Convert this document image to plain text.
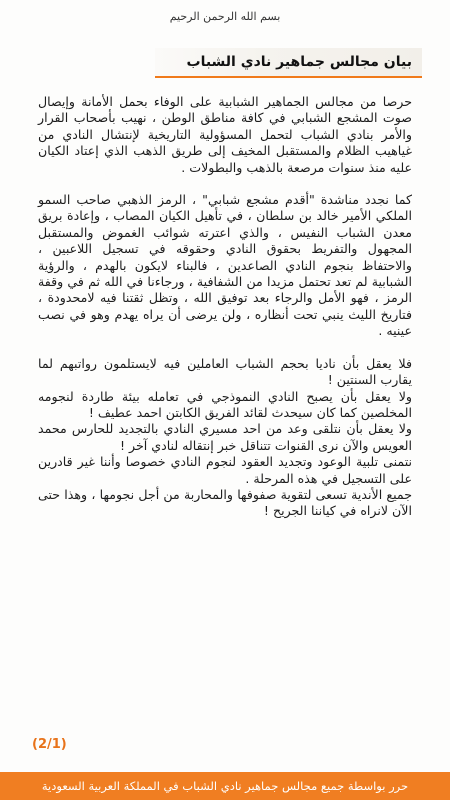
بسم الله الرحمن الرحيم
بيان مجالس جماهير نادي الشباب

حرصا من مجالس الجماهير الشبابية على الوفاء بحمل الأمانة وإيصال صوت المشجع الشبابي في كافة مناطق الوطن ، نهيب بأصحاب القرار والأمر بنادي الشباب لتحمل المسؤولية التاريخية لإنتشال النادي من غياهيب الظلام والمستقبل المخيف إلى طريق الذهب الذي إعتاد الكيان عليه منذ سنوات مرصعة بالذهب والبطولات .

كما نجدد مناشدة "أقدم مشجع شبابي" ، الرمز الذهبي صاحب السمو الملكي الأمير خالد بن سلطان ، في تأهيل الكيان المصاب ، وإعادة بريق معدن الشباب النفيس ، والذي اعترته شوائب الغموض والمستقبل المجهول والتفريط بحقوق النادي وحقوقه في تسجيل اللاعبين ، والاحتفاظ بنجوم النادي الصاعدين ، فالبناء لايكون بالهدم ، والرؤية الشبابية لم تعد تحتمل مزيدا من الشفافية ، ورجاءنا في الله ثم في وقفة الرمز ، فهو الأمل والرجاء بعد توفيق الله ، وتظل ثقتنا فيه لامحدودة ، فتاريخ الليث ينبي تحت أنظاره ، ولن يرضى أن يراه يهدم وهو في نصب عينيه .

فلا يعقل بأن ناديا بحجم الشباب العاملين فيه لايستلمون رواتبهم لما يقارب السنتين !

ولا يعقل بأن يصبح النادي النموذجي في تعامله بيئة طاردة لنجومه المخلصين كما كان سيحدث لقائد الفريق الكابتن احمد عطيف !

ولا يعقل بأن نتلقى وعد من احد مسيري النادي بالتجديد للحارس محمد العويس والآن نرى القنوات تتناقل خبر إنتقاله لنادي آخر !

نتمنى تلبية الوعود وتجديد العقود لنجوم النادي خصوصا وأننا غير قادرين على التسجيل في هذه المرحلة .

جميع الأندية تسعى لتقوية صفوفها والمحاربة من أجل نجومها ، وهذا حتى الآن لانراه في كياننا الجريح !

(2/1)
حرر بواسطة جميع مجالس جماهير نادي الشباب في المملكة العربية السعودية
